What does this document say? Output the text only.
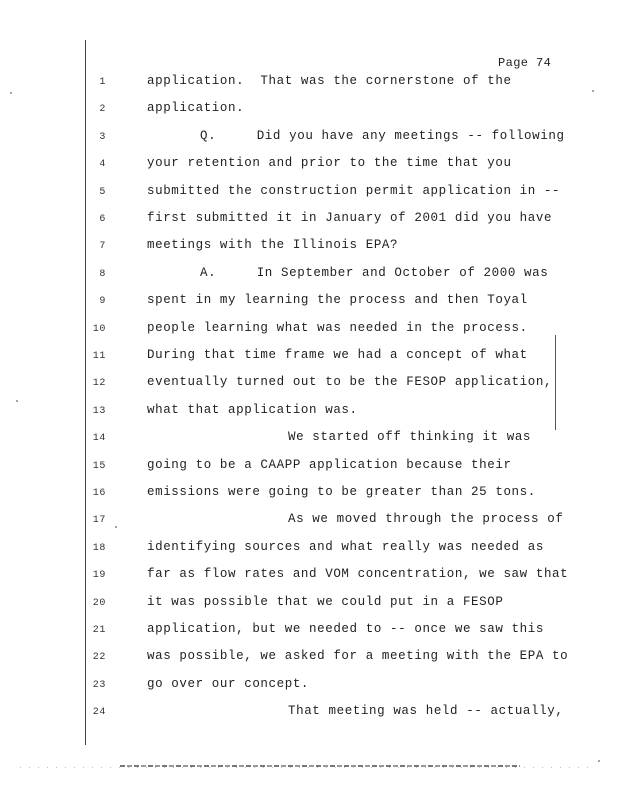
Page 74
1	application.  That was the cornerstone of the
2	application.
3	Q.     Did you have any meetings -- following
4	your retention and prior to the time that you
5	submitted the construction permit application in --
6	first submitted it in January of 2001 did you have
7	meetings with the Illinois EPA?
8	A.     In September and October of 2000 was
9	spent in my learning the process and then Toyal
10	people learning what was needed in the process.
11	During that time frame we had a concept of what
12	eventually turned out to be the FESOP application,
13	what that application was.
14	We started off thinking it was
15	going to be a CAAPP application because their
16	emissions were going to be greater than 25 tons.
17	As we moved through the process of
18	identifying sources and what really was needed as
19	far as flow rates and VOM concentration, we saw that
20	it was possible that we could put in a FESOP
21	application, but we needed to -- once we saw this
22	was possible, we asked for a meeting with the EPA to
23	go over our concept.
24	That meeting was held -- actually,
